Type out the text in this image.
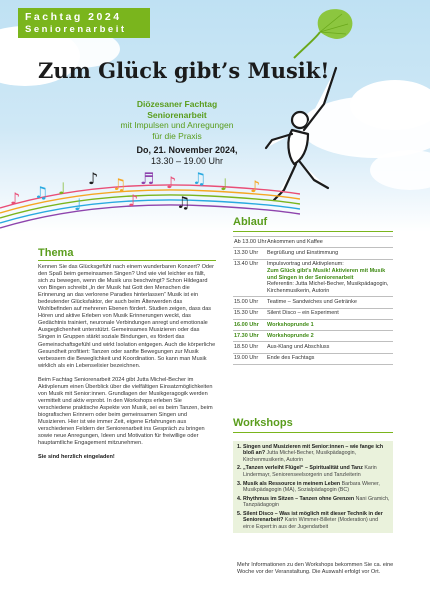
Fachtag 2024
Seniorenarbeit
Zum Glück gibt’s Musik!
Diözesaner Fachtag
Seniorenarbeit
mit Impulsen und Anregungen
für die Praxis
Do, 21. November 2024,
13.30 – 19.00 Uhr
♪ ♫ ♩
♪ ♫ ♬ ♪ ♫ ♩ ♪
♩	♪ ♫
Thema

Kennen Sie das Glücksgefühl nach einem wunderbaren Konzert? Oder den Spaß beim gemeinsamen Singen? Und wie viel leichter es fällt, sich zu bewegen, wenn die Musik uns beschwingt? Schon Hildegard von Bingen schreibt „In der Musik hat Gott den Menschen die Erinnerung an das verlorene Paradies hinterlassen“ Musik ist ein bedeutender Glücksfaktor, der auch beim Älterwerden das Wohlbefinden auf mehreren Ebenen fördert. Studien zeigen, dass das Hören und aktive Erleben von Musik Erinnerungen weckt, das Gedächtnis trainiert, neuronale Verbindungen anregt und emotionale Ausgeglichenheit unterstützt. Gemeinsames Musizieren oder das Singen in Gruppen stärkt soziale Bindungen, es fördert das Gemeinschaftsgefühl und wirkt Isolation entgegen. Auch die körperliche Gesundheit profitiert: Tanzen oder sanfte Bewegungen zur Musik verbessern die Beweglichkeit und Koordination. So kann man Musik wirklich als ein Lebenselixier bezeichnen.

Beim Fachtag Seniorenarbeit 2024 gibt Jutta Michel-Becher im Aktivplenum einen Überblick über die vielfältigen Einsatzmöglichkeiten von Musik mit Senior:innen. Grundlagen der Musikgeragogik werden vermittelt und aktiv erprobt. In den Workshops erleben Sie verschiedene praktische Aspekte von Musik, sei es beim Tanzen, beim biografischen Erinnern oder beim gemeinsamen Singen und Musizieren. Hier ist wie immer Zeit, eigene Erfahrungen aus verschiedenen Feldern der Seniorenarbeit ins Gespräch zu bringen sowie neue Anregungen, Ideen und Motivation für freiwillige oder hauptamtliche Engagement mitzunehmen.

Sie sind herzlich eingeladen!

Ablauf
Ab 13.00 Uhr Ankommen und Kaffee
13.30 Uhr	Begrüßung und Einstimmung
13.40 Uhr	Impulsvortrag und Aktivplenum:
Zum Glück gibt’s Musik! Aktivieren mit Musik und Singen in der Seniorenarbeit
Referentin: Jutta Michel-Becher, Musikpädagogin, Kirchenmusikerin, Autorin
15.00 Uhr	Teatime – Sandwiches und Getränke
15.30 Uhr	Silent Disco – ein Experiment
16.00 Uhr	Workshoprunde 1
17.30 Uhr	Workshoprunde 2
18.50 Uhr	Aus-Klang und Abschluss
19.00 Uhr	Ende des Fachtags
Workshops
1. Singen und Musizieren mit Senior:innen – wie fange ich bloß an? Jutta Michel-Becher, Musikpädagogin, Kirchenmusikerin, Autorin
2. „Tanzen verleiht Flügel“ – Spiritualität und Tanz Karin Lindermayr, Seniorenseelsorgerin und Tanzleiterin
3. Musik als Ressource in meinem Leben Barbara Wiener, Musikpädagogin (MA), Sozialpädagogin (BC)
4. Rhythmus im Sitzen – Tanzen ohne Grenzen Nani Gramich, Tanzpädagogin
5. Silent Disco – Was ist möglich mit dieser Technik in der Seniorenarbeit? Karin Wimmer-Billeter (Moderation) und ein:e Expert:in aus der Jugendarbeit
Mehr Informationen zu den Workshops bekommen Sie ca. eine Woche vor der Veranstaltung. Die Auswahl erfolgt vor Ort.
